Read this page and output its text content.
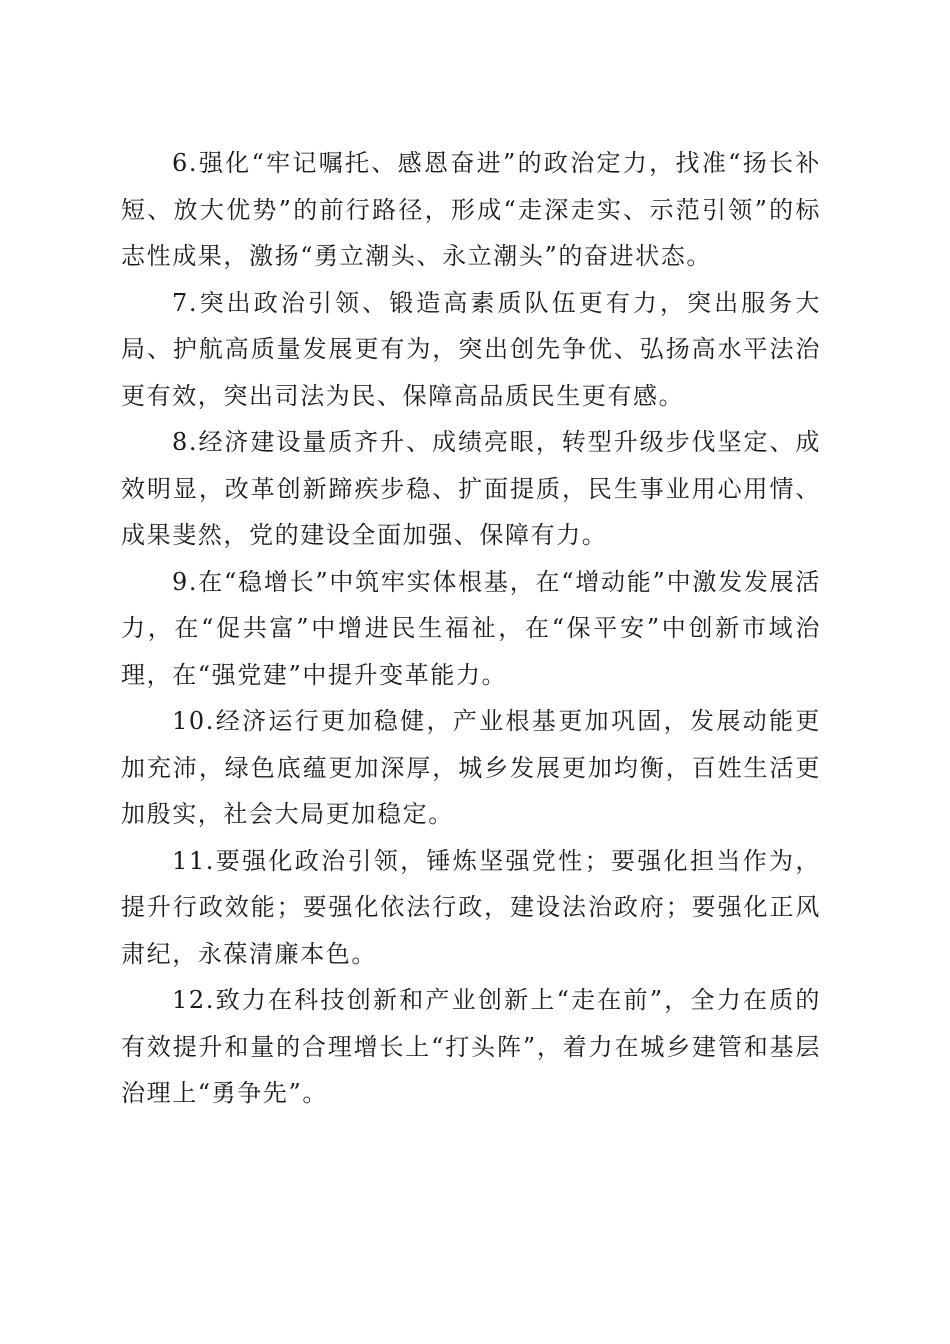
6.强化“牢记嘱托、感恩奋进”的政治定力，找准“扬长补短、放大优势”的前行路径，形成“走深走实、示范引领”的标志性成果，激扬“勇立潮头、永立潮头”的奋进状态。

7.突出政治引领、锻造高素质队伍更有力，突出服务大局、护航高质量发展更有为，突出创先争优、弘扬高水平法治更有效，突出司法为民、保障高品质民生更有感。

8.经济建设量质齐升、成绩亮眼，转型升级步伐坚定、成效明显，改革创新蹄疾步稳、扩面提质，民生事业用心用情、成果斐然，党的建设全面加强、保障有力。

9.在“稳增长”中筑牢实体根基，在“增动能”中激发发展活力，在“促共富”中增进民生福祉，在“保平安”中创新市域治理，在“强党建”中提升变革能力。

10.经济运行更加稳健，产业根基更加巩固，发展动能更加充沛，绿色底蕴更加深厚，城乡发展更加均衡，百姓生活更加殷实，社会大局更加稳定。

11.要强化政治引领，锤炼坚强党性；要强化担当作为，提升行政效能；要强化依法行政，建设法治政府；要强化正风肃纪，永葆清廉本色。

12.致力在科技创新和产业创新上“走在前”，全力在质的有效提升和量的合理增长上“打头阵”，着力在城乡建管和基层治理上“勇争先”。
